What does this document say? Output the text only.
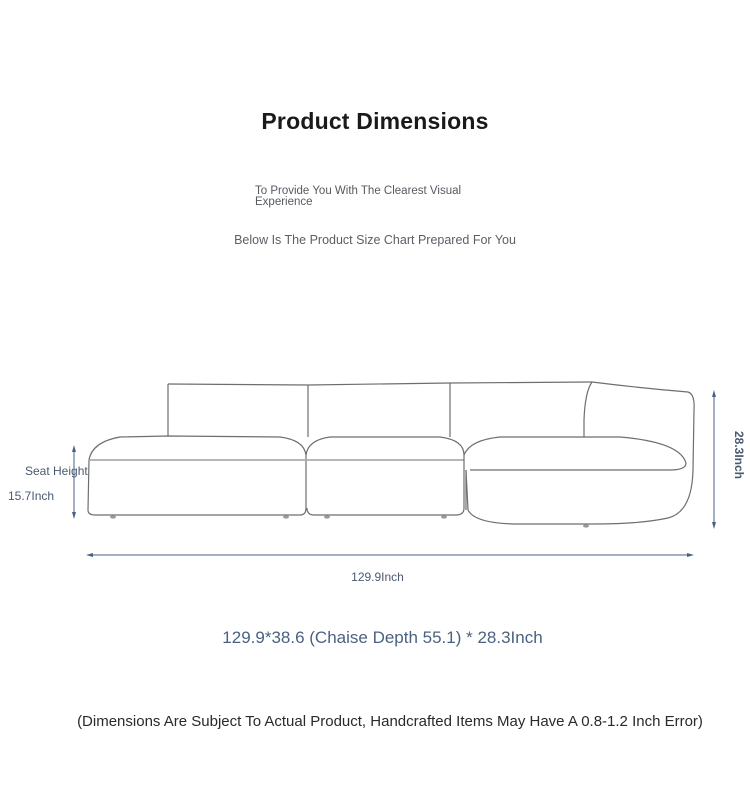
Product Dimensions
To Provide You With The Clearest Visual Experience
Below Is The Product Size Chart Prepared For You
Seat Height
15.7Inch
28.3Inch
129.9Inch
129.9*38.6 (Chaise Depth 55.1) * 28.3Inch
(Dimensions Are Subject To Actual Product, Handcrafted Items May Have A 0.8-1.2 Inch Error)
